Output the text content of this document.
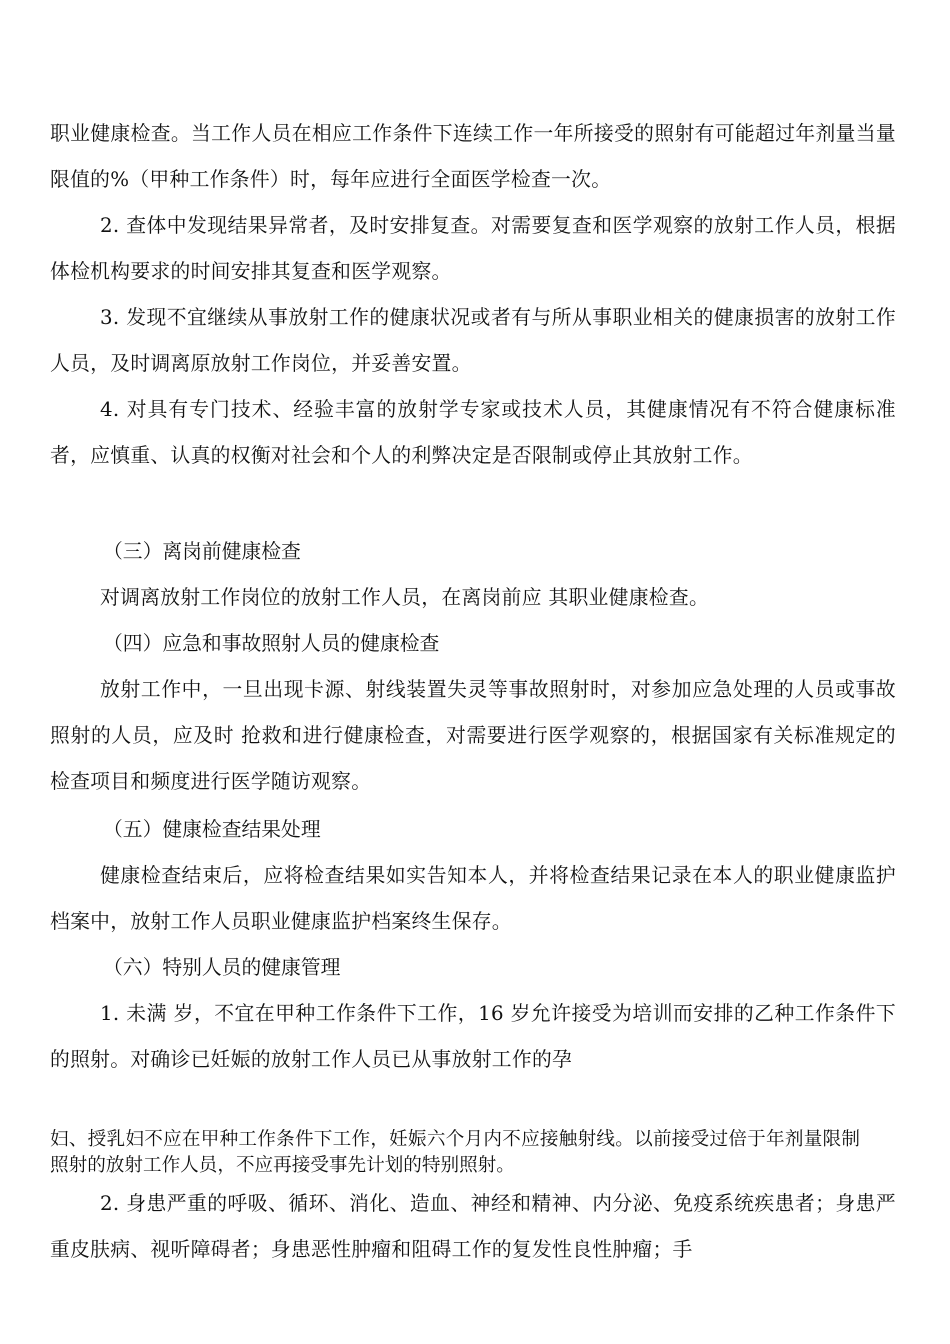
职业健康检查。当工作人员在相应工作条件下连续工作一年所接受的照射有可能超过年剂量当量限值的%（甲种工作条件）时，每年应进行全面医学检查一次。

2. 查体中发现结果异常者，及时安排复查。对需要复查和医学观察的放射工作人员，根据体检机构要求的时间安排其复查和医学观察。

3. 发现不宜继续从事放射工作的健康状况或者有与所从事职业相关的健康损害的放射工作人员，及时调离原放射工作岗位，并妥善安置。

4. 对具有专门技术、经验丰富的放射学专家或技术人员，其健康情况有不符合健康标准者，应慎重、认真的权衡对社会和个人的利弊决定是否限制或停止其放射工作。

（三）离岗前健康检查

对调离放射工作岗位的放射工作人员，在离岗前应 其职业健康检查。

（四）应急和事故照射人员的健康检查

放射工作中，一旦出现卡源、射线装置失灵等事故照射时，对参加应急处理的人员或事故照射的人员，应及时 抢救和进行健康检查，对需要进行医学观察的，根据国家有关标准规定的检查项目和频度进行医学随访观察。

（五）健康检查结果处理

健康检查结束后，应将检查结果如实告知本人，并将检查结果记录在本人的职业健康监护档案中，放射工作人员职业健康监护档案终生保存。

（六）特别人员的健康管理

1. 未满 岁，不宜在甲种工作条件下工作，16 岁允许接受为培训而安排的乙种工作条件下的照射。对确诊已妊娠的放射工作人员已从事放射工作的孕

妇、授乳妇不应在甲种工作条件下工作，妊娠六个月内不应接触射线。以前接受过倍于年剂量限制照射的放射工作人员，不应再接受事先计划的特别照射。

2. 身患严重的呼吸、循环、消化、造血、神经和精神、内分泌、免疫系统疾患者；身患严重皮肤病、视听障碍者；身患恶性肿瘤和阻碍工作的复发性良性肿瘤；手
